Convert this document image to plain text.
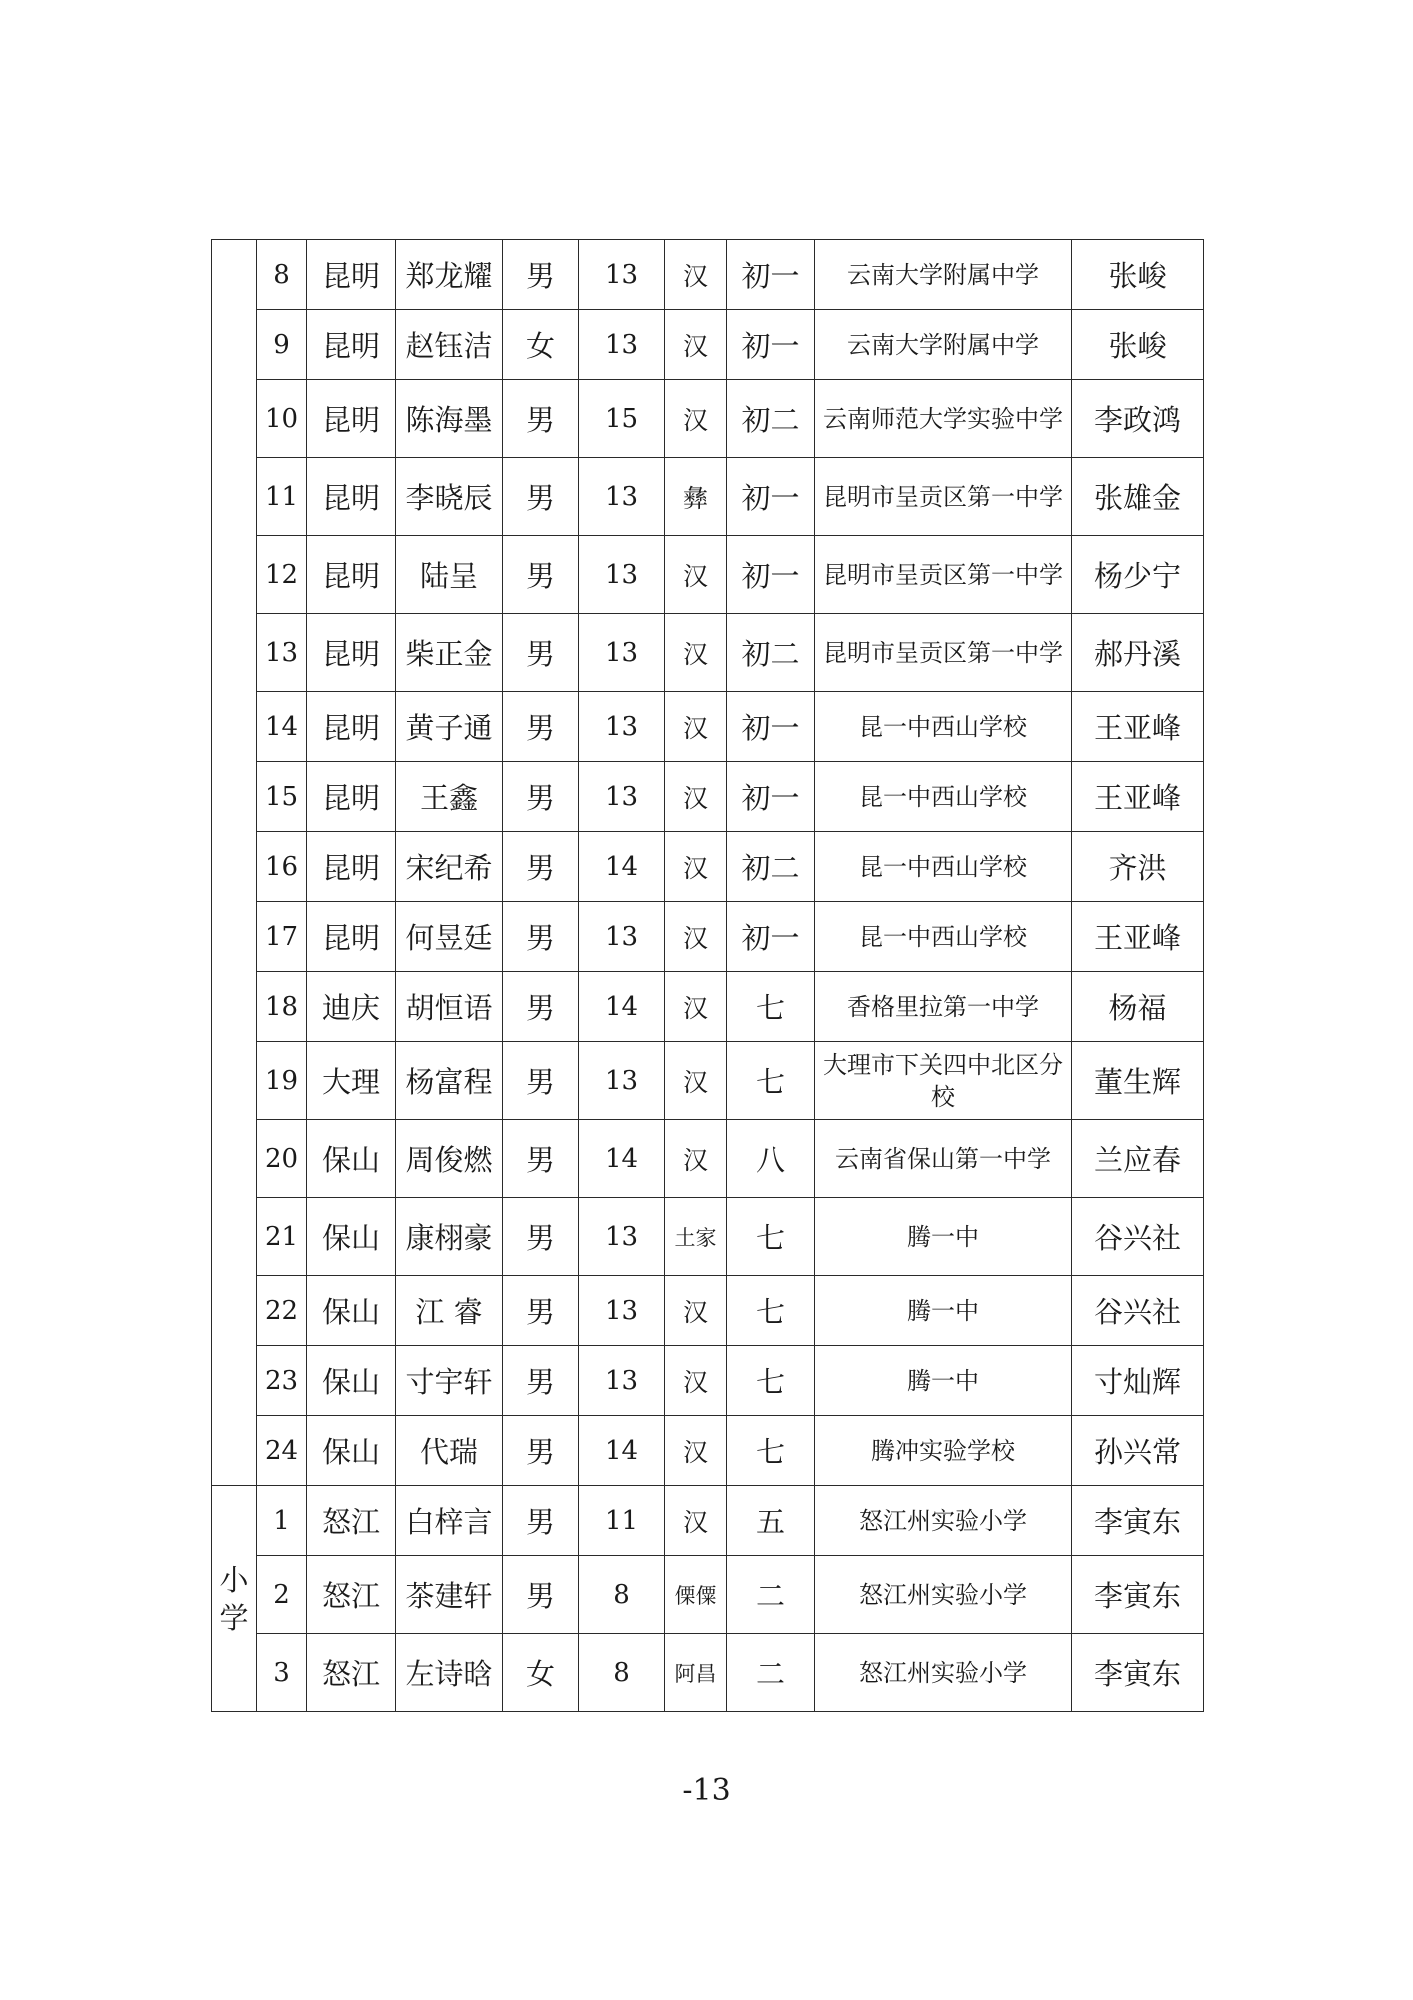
	8	昆明	郑龙耀	男	13	汉	初一	云南大学附属中学	张峻
	9	昆明	赵钰洁	女	13	汉	初一	云南大学附属中学	张峻
	10	昆明	陈海墨	男	15	汉	初二	云南师范大学实验中学	李政鸿
	11	昆明	李晓辰	男	13	彝	初一	昆明市呈贡区第一中学	张雄金
	12	昆明	陆呈	男	13	汉	初一	昆明市呈贡区第一中学	杨少宁
	13	昆明	柴正金	男	13	汉	初二	昆明市呈贡区第一中学	郝丹溪
	14	昆明	黄子通	男	13	汉	初一	昆一中西山学校	王亚峰
	15	昆明	王鑫	男	13	汉	初一	昆一中西山学校	王亚峰
	16	昆明	宋纪希	男	14	汉	初二	昆一中西山学校	齐洪
	17	昆明	何昱廷	男	13	汉	初一	昆一中西山学校	王亚峰
	18	迪庆	胡恒语	男	14	汉	七	香格里拉第一中学	杨福
	19	大理	杨富程	男	13	汉	七	大理市下关四中北区分校	董生辉
	20	保山	周俊燃	男	14	汉	八	云南省保山第一中学	兰应春
	21	保山	康栩豪	男	13	土家	七	腾一中	谷兴社
	22	保山	江 睿	男	13	汉	七	腾一中	谷兴社
	23	保山	寸宇轩	男	13	汉	七	腾一中	寸灿辉
	24	保山	代瑞	男	14	汉	七	腾冲实验学校	孙兴常
小学	1	怒江	白梓言	男	11	汉	五	怒江州实验小学	李寅东
	2	怒江	茶建轩	男	8	傈僳	二	怒江州实验小学	李寅东
	3	怒江	左诗晗	女	8	阿昌	二	怒江州实验小学	李寅东
-13
